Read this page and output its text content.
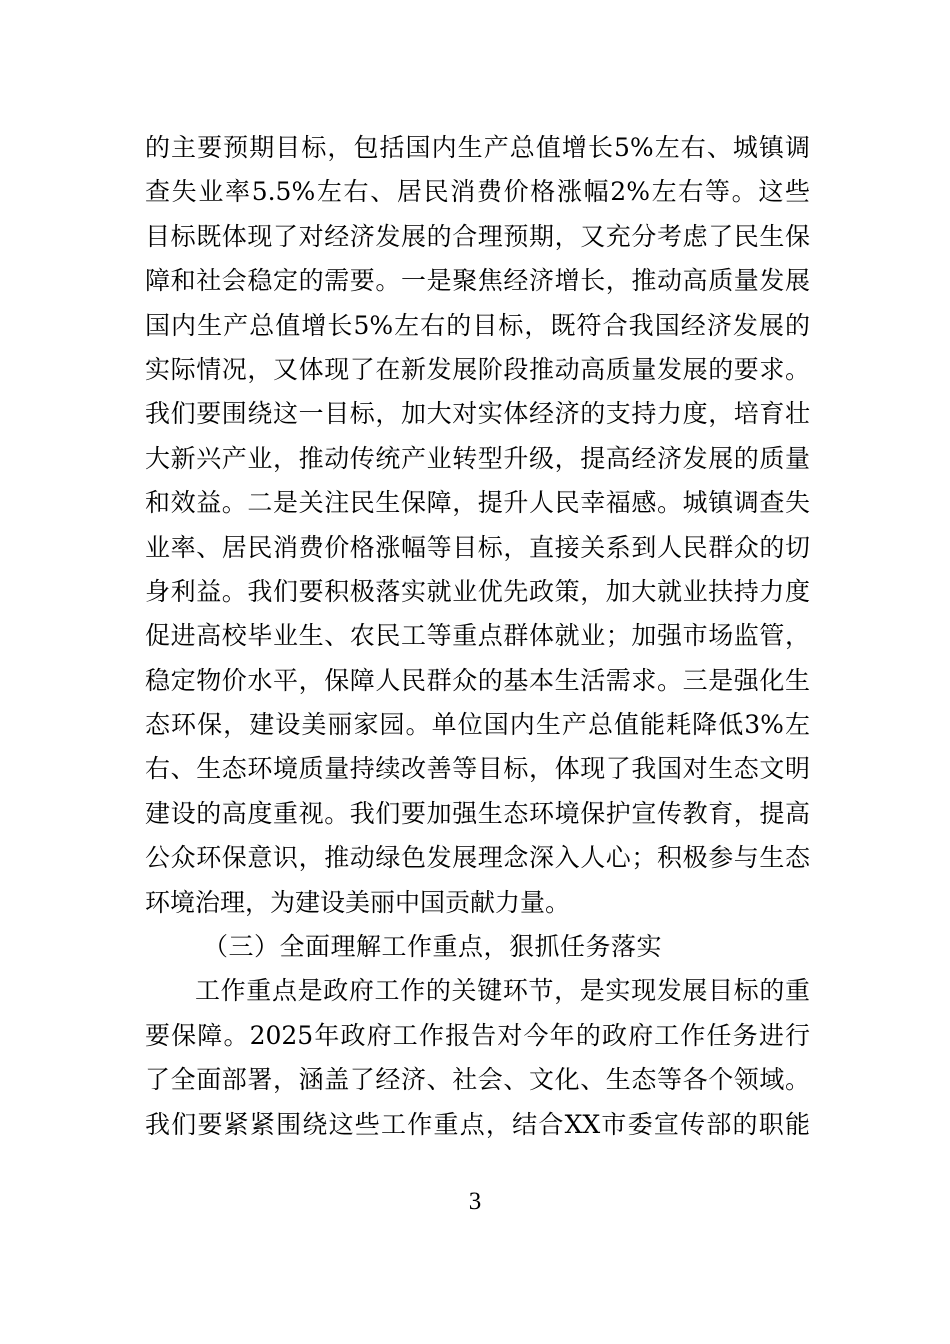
的主要预期目标，包括国内生产总值增长5%左右、城镇调
查失业率5.5%左右、居民消费价格涨幅2%左右等。这些
目标既体现了对经济发展的合理预期，又充分考虑了民生保
障和社会稳定的需要。一是聚焦经济增长，推动高质量发展
国内生产总值增长5%左右的目标，既符合我国经济发展的
实际情况，又体现了在新发展阶段推动高质量发展的要求。
我们要围绕这一目标，加大对实体经济的支持力度，培育壮
大新兴产业，推动传统产业转型升级，提高经济发展的质量
和效益。二是关注民生保障，提升人民幸福感。城镇调查失
业率、居民消费价格涨幅等目标，直接关系到人民群众的切
身利益。我们要积极落实就业优先政策，加大就业扶持力度
促进高校毕业生、农民工等重点群体就业；加强市场监管，
稳定物价水平，保障人民群众的基本生活需求。三是强化生
态环保，建设美丽家园。单位国内生产总值能耗降低3%左
右、生态环境质量持续改善等目标，体现了我国对生态文明
建设的高度重视。我们要加强生态环境保护宣传教育，提高
公众环保意识，推动绿色发展理念深入人心；积极参与生态
环境治理，为建设美丽中国贡献力量。
（三）全面理解工作重点，狠抓任务落实
工作重点是政府工作的关键环节，是实现发展目标的重
要保障。2025年政府工作报告对今年的政府工作任务进行
了全面部署，涵盖了经济、社会、文化、生态等各个领域。
我们要紧紧围绕这些工作重点，结合XX市委宣传部的职能
3
